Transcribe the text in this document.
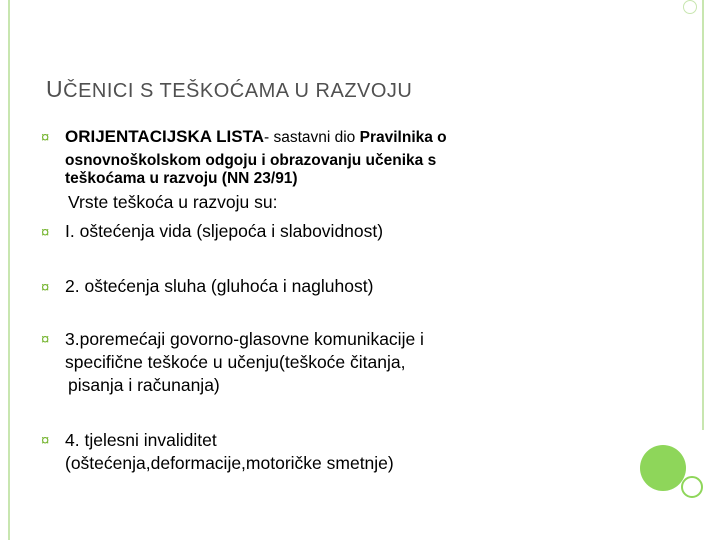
UČENICI S TEŠKOĆAMA U RAZVOJU
¤ ORIJENTACIJSKA LISTA- sastavni dio Pravilnika o
osnovnoškolskom odgoju i obrazovanju učenika s
teškoćama u razvoju (NN 23/91)
Vrste teškoća u razvoju su:
¤ I. oštećenja vida (sljepoća i slabovidnost)
¤ 2. oštećenja sluha (gluhoća i nagluhost)
¤ 3.poremećaji govorno-glasovne komunikacije i
specifične teškoće u učenju(teškoće čitanja,
pisanja i računanja)
¤ 4. tjelesni invaliditet
(oštećenja,deformacije,motoričke smetnje)
